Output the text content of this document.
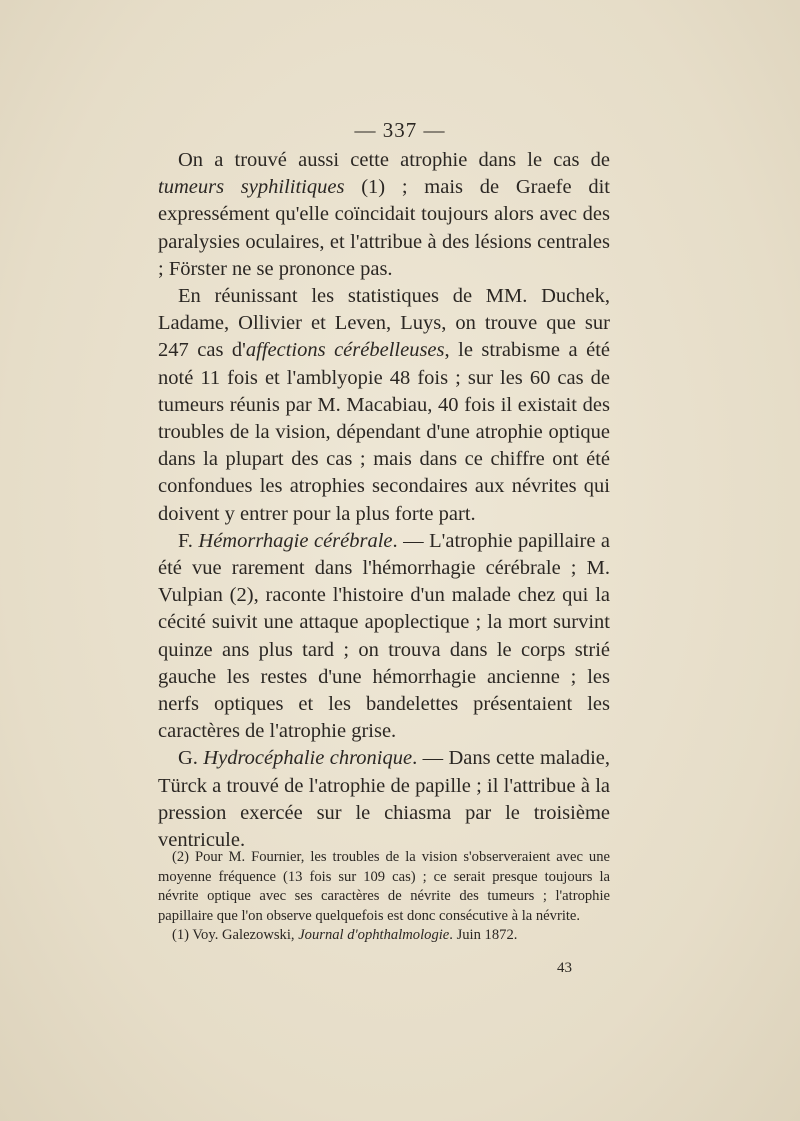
— 337 —

On a trouvé aussi cette atrophie dans le cas de tumeurs syphilitiques (1) ; mais de Graefe dit expressément qu'elle coïncidait toujours alors avec des paralysies oculaires, et l'attribue à des lésions centrales ; Förster ne se prononce pas.

En réunissant les statistiques de MM. Duchek, Ladame, Ollivier et Leven, Luys, on trouve que sur 247 cas d'affections cérébelleuses, le strabisme a été noté 11 fois et l'amblyopie 48 fois ; sur les 60 cas de tumeurs réunis par M. Macabiau, 40 fois il existait des troubles de la vision, dépendant d'une atrophie optique dans la plupart des cas ; mais dans ce chiffre ont été confondues les atrophies secondaires aux névrites qui doivent y entrer pour la plus forte part.

F. Hémorrhagie cérébrale. — L'atrophie papillaire a été vue rarement dans l'hémorrhagie cérébrale ; M. Vulpian (2), raconte l'histoire d'un malade chez qui la cécité suivit une attaque apoplectique ; la mort survint quinze ans plus tard ; on trouva dans le corps strié gauche les restes d'une hémorrhagie ancienne ; les nerfs optiques et les bandelettes présentaient les caractères de l'atrophie grise.

G. Hydrocéphalie chronique. — Dans cette maladie, Türck a trouvé de l'atrophie de papille ; il l'attribue à la pression exercée sur le chiasma par le troisième ventricule.

(2) Pour M. Fournier, les troubles de la vision s'observeraient avec une moyenne fréquence (13 fois sur 109 cas) ; ce serait presque toujours la névrite optique avec ses caractères de névrite des tumeurs ; l'atrophie papillaire que l'on observe quelquefois est donc consécutive à la névrite.

(1) Voy. Galezowski, Journal d'ophthalmologie. Juin 1872.

43
